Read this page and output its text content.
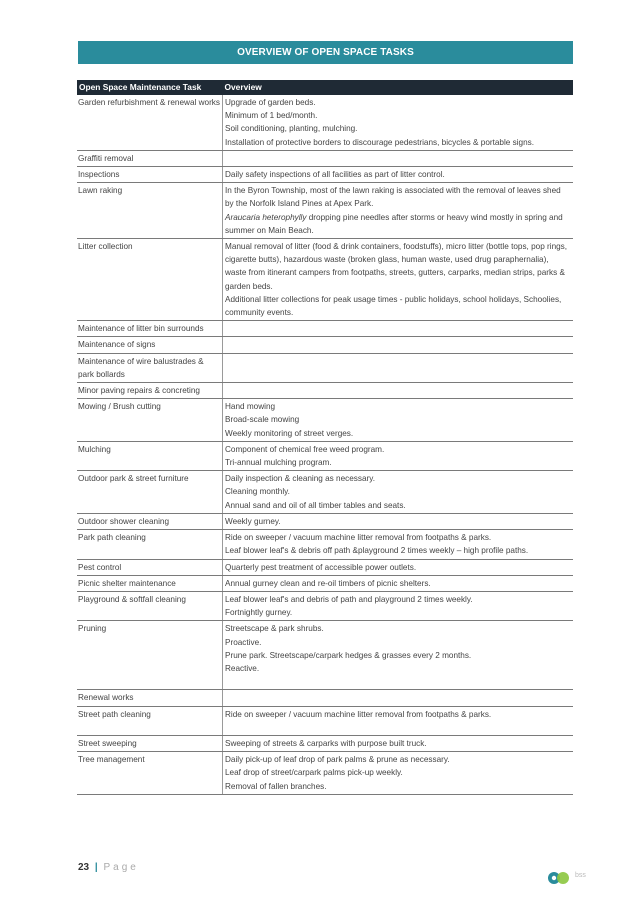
OVERVIEW OF OPEN SPACE TASKS
Open Space Maintenance Task	Overview
Garden refurbishment & renewal works	Upgrade of garden beds.
Minimum of 1 bed/month.
Soil conditioning, planting, mulching.
Installation of protective borders to discourage pedestrians, bicycles & portable signs.

Graffiti removal	
Inspections	Daily safety inspections of all facilities as part of litter control.

Lawn raking	In the Byron Township, most of the lawn raking is associated with the removal of leaves shed by the Norfolk Island Pines at Apex Park.
Araucaria heterophylly dropping pine needles after storms or heavy wind mostly in spring and summer on Main Beach.

Litter collection	Manual removal of litter (food & drink containers, foodstuffs), micro litter (bottle tops, pop rings, cigarette butts), hazardous waste (broken glass, human waste, used drug paraphernalia), waste from itinerant campers from footpaths, streets, gutters, carparks, median strips, parks & garden beds.
Additional litter collections for peak usage times - public holidays, school holidays, Schoolies, community events.

Maintenance of litter bin surrounds	
Maintenance of signs	
Maintenance of wire balustrades & park bollards	
Minor paving repairs & concreting	
Mowing / Brush cutting	Hand mowing
Broad-scale mowing
Weekly monitoring of street verges.

Mulching	Component of chemical free weed program.
Tri-annual mulching program.

Outdoor park & street furniture	Daily inspection & cleaning as necessary.
Cleaning monthly.
Annual sand and oil of all timber tables and seats.

Outdoor shower cleaning	Weekly gurney.

Park path cleaning	Ride on sweeper / vacuum machine litter removal from footpaths & parks.
Leaf blower leaf's & debris off path &playground 2 times weekly – high profile paths.

Pest control	Quarterly pest treatment of accessible power outlets.

Picnic shelter maintenance	Annual gurney clean and re-oil timbers of picnic shelters.

Playground & softfall cleaning	Leaf blower leaf's and debris of path and playground 2 times weekly.
Fortnightly gurney.

Pruning	Streetscape & park shrubs.
Proactive.
Prune park. Streetscape/carpark hedges & grasses every 2 months.
Reactive.

Renewal works	
Street path cleaning	Ride on sweeper / vacuum machine litter removal from footpaths & parks.

Street sweeping	Sweeping of streets & carparks with purpose built truck.

Tree management	Daily pick-up of leaf drop of park palms & prune as necessary.
Leaf drop of street/carpark palms pick-up weekly.
Removal of fallen branches.
23 | Page
bss
